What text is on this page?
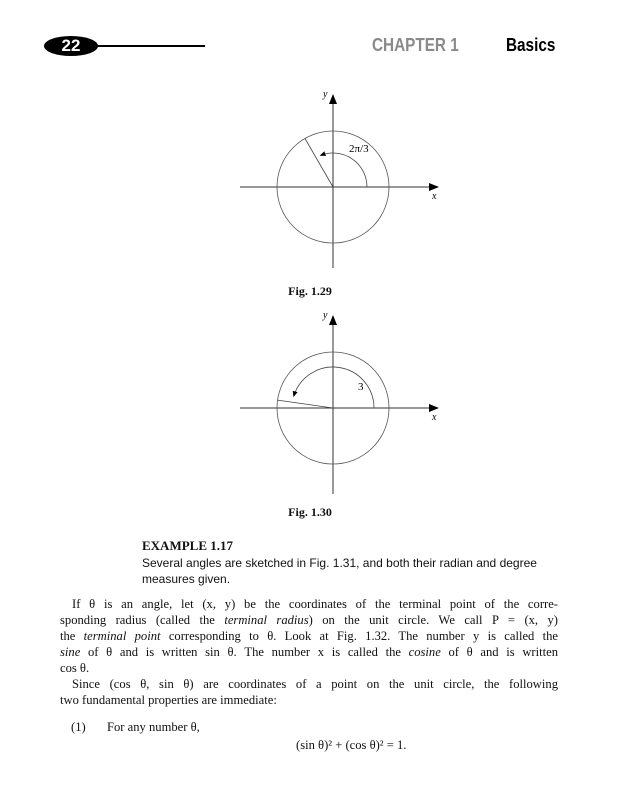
22	CHAPTER 1	Basics
2π/3
y
x
3
y
x
Fig. 1.29
Fig. 1.30
EXAMPLE 1.17
Several angles are sketched in Fig. 1.31, and both their radian and degree
measures given.
If θ is an angle, let (x, y) be the coordinates of the terminal point of the corre-
sponding radius (called the terminal radius) on the unit circle. We call P = (x, y)
the terminal point corresponding to θ. Look at Fig. 1.32. The number y is called the
sine of θ and is written sin θ. The number x is called the cosine of θ and is written
cos θ.
Since (cos θ, sin θ) are coordinates of a point on the unit circle, the following
two fundamental properties are immediate:
(1) For any number θ,
(sin θ)² + (cos θ)² = 1.
